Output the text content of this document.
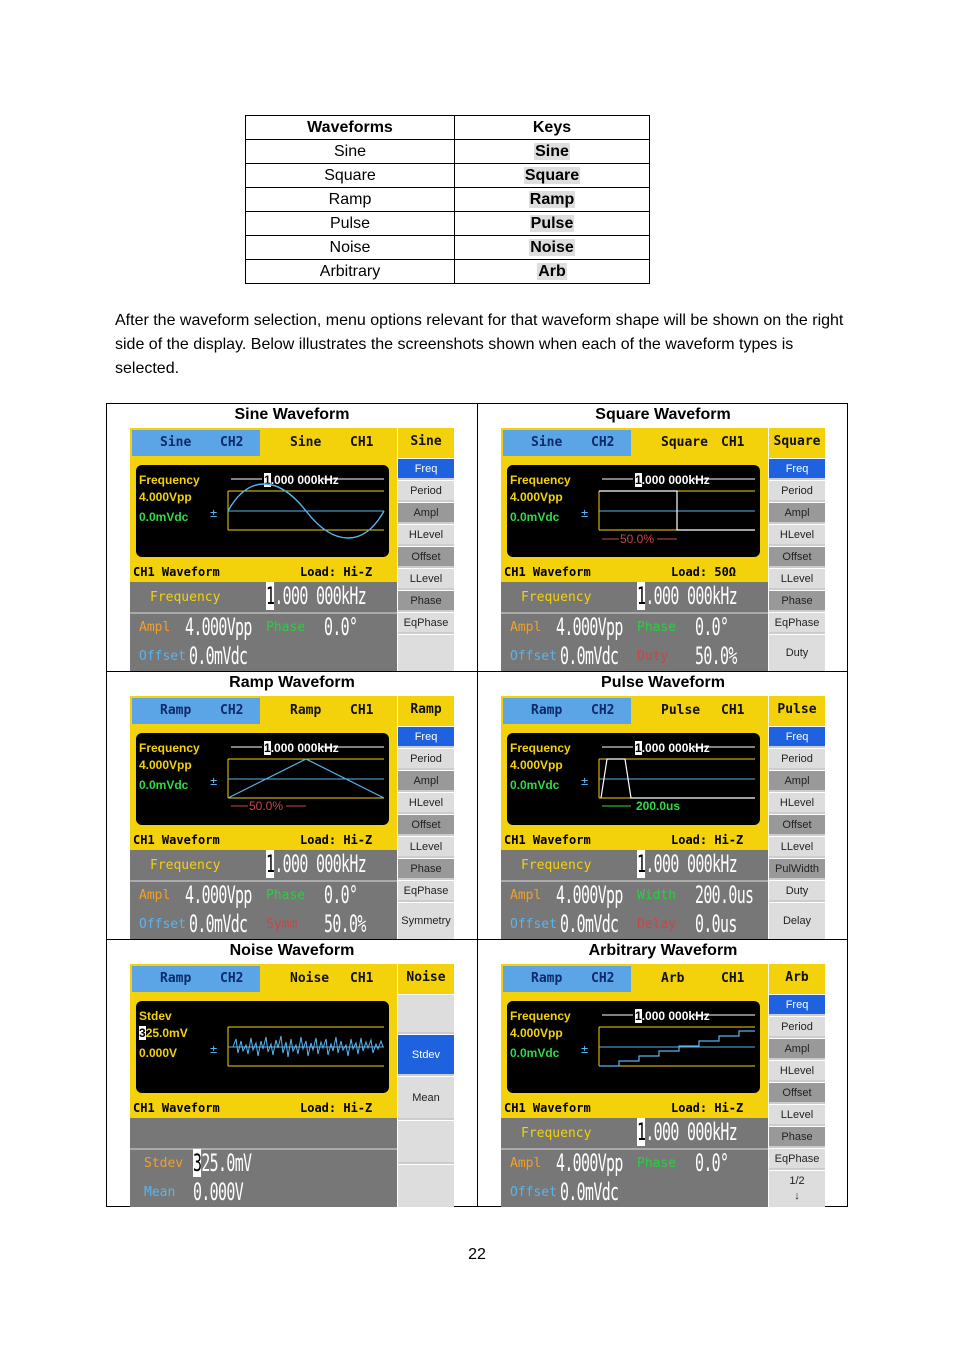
Waveforms	Keys
Sine	Sine
Square	Square
Ramp	Ramp
Pulse	Pulse
Noise	Noise
Arbitrary	Arb

After the waveform selection, menu options relevant for that waveform shape will be shown on the right side of the display. Below illustrates the screenshots shown when each of the waveform types is selected.

Sine Waveform
Sine CH2	Sine CH1
Frequency
4.000Vpp
0.0mVdc
1.000 000kHz
±
CH1 Waveform	Load: Hi-Z
Frequency 1.000 000kHz
Ampl 4.000Vpp Phase 0.0°
Offset 0.0mVdc
Sine
Freq
Period
Ampl
HLevel
Offset
LLevel
Phase
EqPhase
Square Waveform
Sine CH2	Square CH1
Frequency
4.000Vpp
0.0mVdc
1.000 000kHz
50.0%
±
CH1 Waveform	Load: 50Ω
Frequency 1.000 000kHz
Ampl 4.000Vpp Phase 0.0°
Offset 0.0mVdc Duty 50.0%
Square
Freq
Period
Ampl
HLevel
Offset
LLevel
Phase
EqPhase
Duty
Ramp Waveform
Ramp CH2	Ramp CH1
Frequency
4.000Vpp
0.0mVdc
1.000 000kHz
50.0%
±
CH1 Waveform	Load: Hi-Z
Frequency 1.000 000kHz
Ampl 4.000Vpp Phase 0.0°
Offset 0.0mVdc Symm 50.0%
Ramp
Freq
Period
Ampl
HLevel
Offset
LLevel
Phase
EqPhase
Symmetry
Pulse Waveform
Ramp CH2	Pulse CH1
Frequency
4.000Vpp
0.0mVdc
1.000 000kHz
200.0us
±
CH1 Waveform	Load: Hi-Z
Frequency 1.000 000kHz
Ampl 4.000Vpp Width 200.0us
Offset 0.0mVdc Delay 0.0us
Pulse
Freq
Period
Ampl
HLevel
Offset
LLevel
PulWidth
Duty
Delay
Noise Waveform
Ramp CH2	Noise CH1
Stdev
325.0mV
0.000V	±
CH1 Waveform	Load: Hi-Z
Stdev 325.0mV
Mean 0.000V
Noise
Stdev
Mean
Arbitrary Waveform
Ramp CH2	Arb	CH1
Frequency
4.000Vpp
0.0mVdc
1.000 000kHz
±
CH1 Waveform	Load: Hi-Z
Frequency 1.000 000kHz
Ampl 4.000Vpp Phase 0.0°
Offset 0.0mVdc
Arb
Freq
Period
Ampl
HLevel
Offset
LLevel
Phase
EqPhase
1/2
↓
22
